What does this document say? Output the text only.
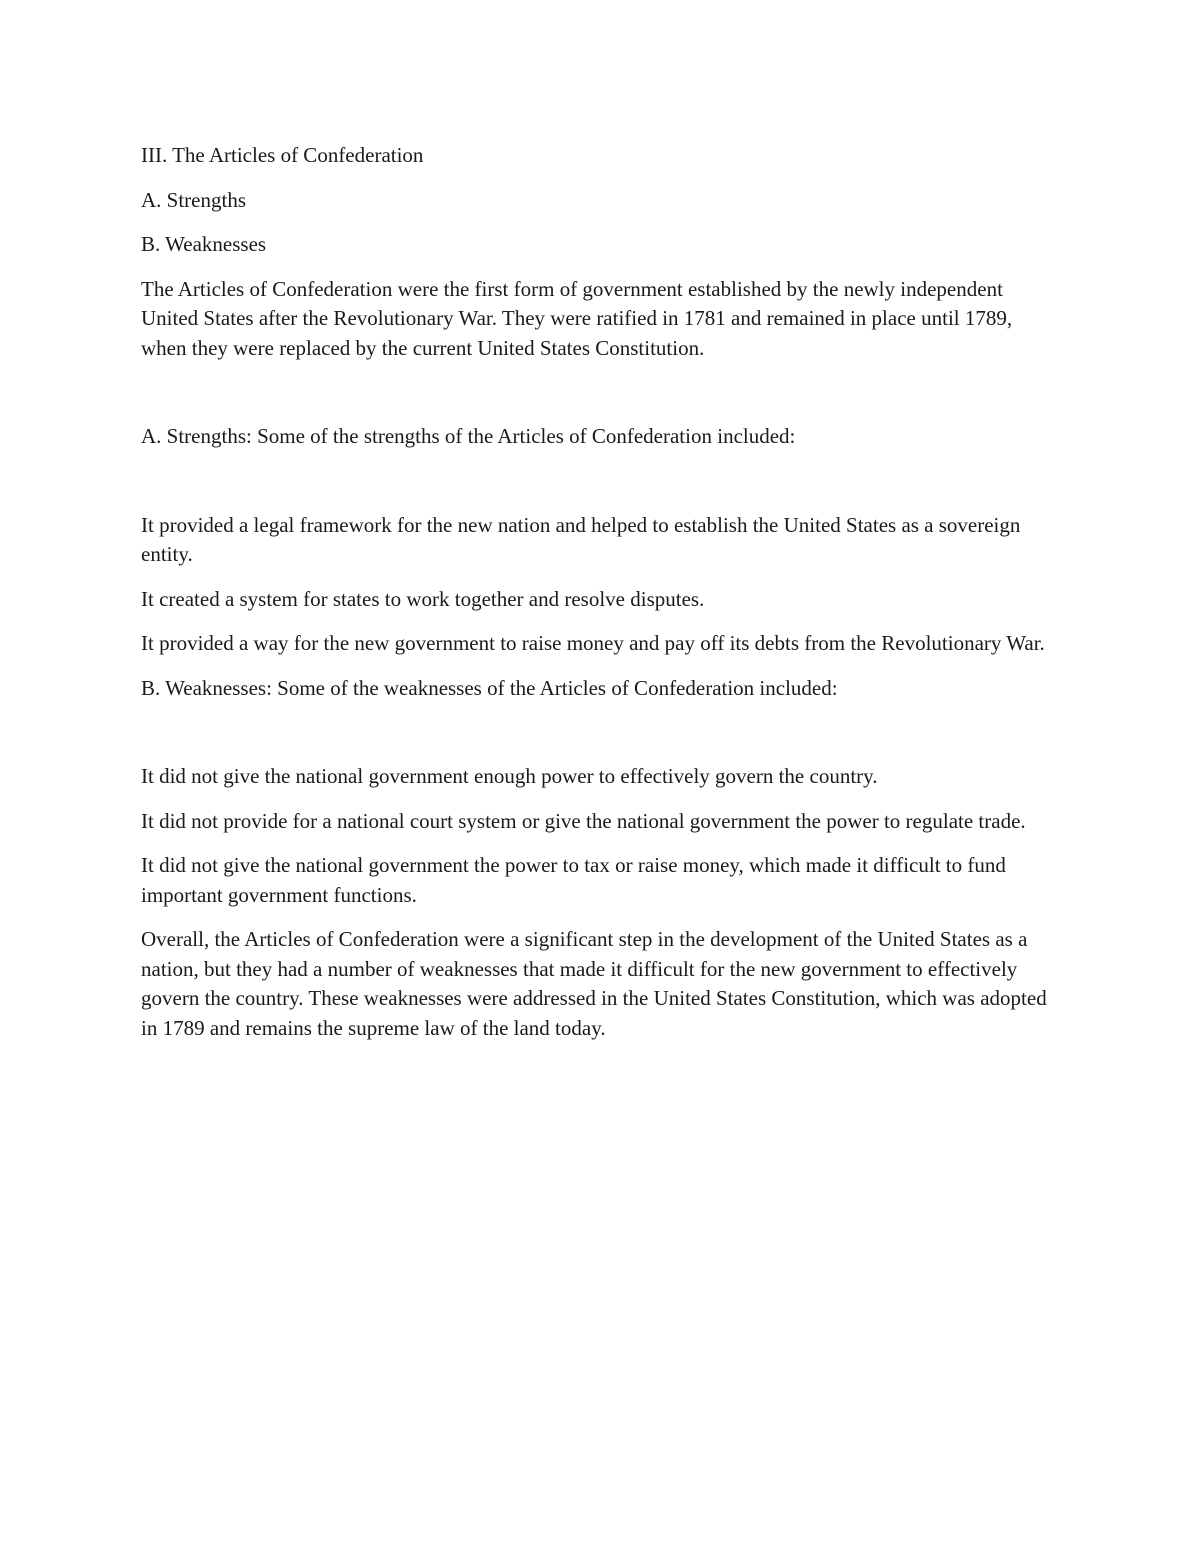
III. The Articles of Confederation

A. Strengths

B. Weaknesses

The Articles of Confederation were the first form of government established by the newly independent United States after the Revolutionary War. They were ratified in 1781 and remained in place until 1789, when they were replaced by the current United States Constitution.

A. Strengths: Some of the strengths of the Articles of Confederation included:

It provided a legal framework for the new nation and helped to establish the United States as a sovereign entity.

It created a system for states to work together and resolve disputes.

It provided a way for the new government to raise money and pay off its debts from the Revolutionary War.

B. Weaknesses: Some of the weaknesses of the Articles of Confederation included:

It did not give the national government enough power to effectively govern the country.

It did not provide for a national court system or give the national government the power to regulate trade.

It did not give the national government the power to tax or raise money, which made it difficult to fund important government functions.

Overall, the Articles of Confederation were a significant step in the development of the United States as a nation, but they had a number of weaknesses that made it difficult for the new government to effectively govern the country. These weaknesses were addressed in the United States Constitution, which was adopted in 1789 and remains the supreme law of the land today.
